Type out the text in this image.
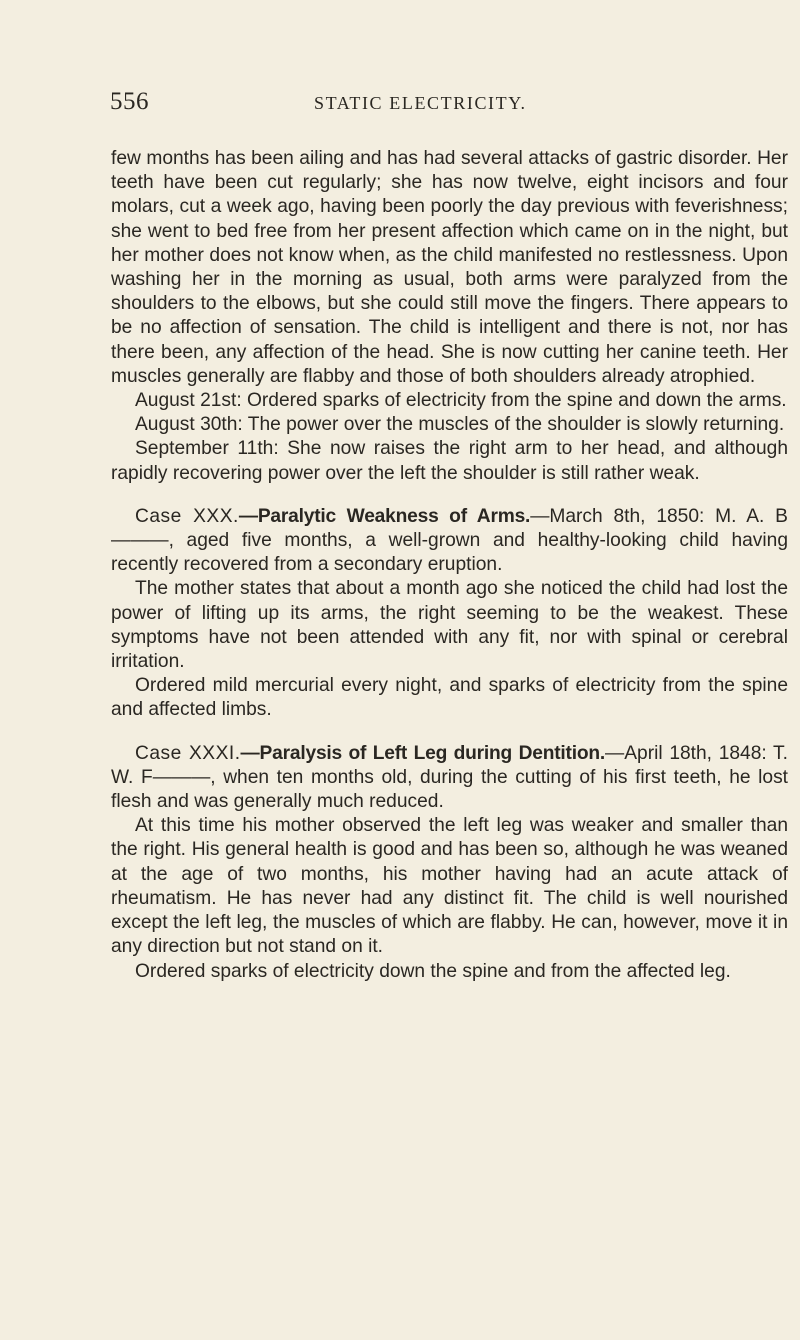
556	STATIC ELECTRICITY.

few months has been ailing and has had several attacks of gastric disorder. Her teeth have been cut regularly; she has now twelve, eight incisors and four molars, cut a week ago, having been poorly the day previous with feverishness; she went to bed free from her present affection which came on in the night, but her mother does not know when, as the child manifested no restlessness. Upon washing her in the morning as usual, both arms were paralyzed from the shoulders to the elbows, but she could still move the fingers. There appears to be no affection of sensation. The child is intelligent and there is not, nor has there been, any affection of the head. She is now cutting her canine teeth. Her muscles generally are flabby and those of both shoulders already atrophied.

August 21st: Ordered sparks of electricity from the spine and down the arms.

August 30th: The power over the muscles of the shoulder is slowly returning.

September 11th: She now raises the right arm to her head, and although rapidly recovering power over the left the shoulder is still rather weak.

Case XXX.—Paralytic Weakness of Arms.—March 8th, 1850: M. A. B———, aged five months, a well-grown and healthy-looking child having recently recovered from a secondary eruption.

The mother states that about a month ago she noticed the child had lost the power of lifting up its arms, the right seeming to be the weakest. These symptoms have not been attended with any fit, nor with spinal or cerebral irritation.

Ordered mild mercurial every night, and sparks of electricity from the spine and affected limbs.

Case XXXI.—Paralysis of Left Leg during Dentition.—April 18th, 1848: T. W. F———, when ten months old, during the cutting of his first teeth, he lost flesh and was generally much reduced.

At this time his mother observed the left leg was weaker and smaller than the right. His general health is good and has been so, although he was weaned at the age of two months, his mother having had an acute attack of rheumatism. He has never had any distinct fit. The child is well nourished except the left leg, the muscles of which are flabby. He can, however, move it in any direction but not stand on it.

Ordered sparks of electricity down the spine and from the affected leg.
